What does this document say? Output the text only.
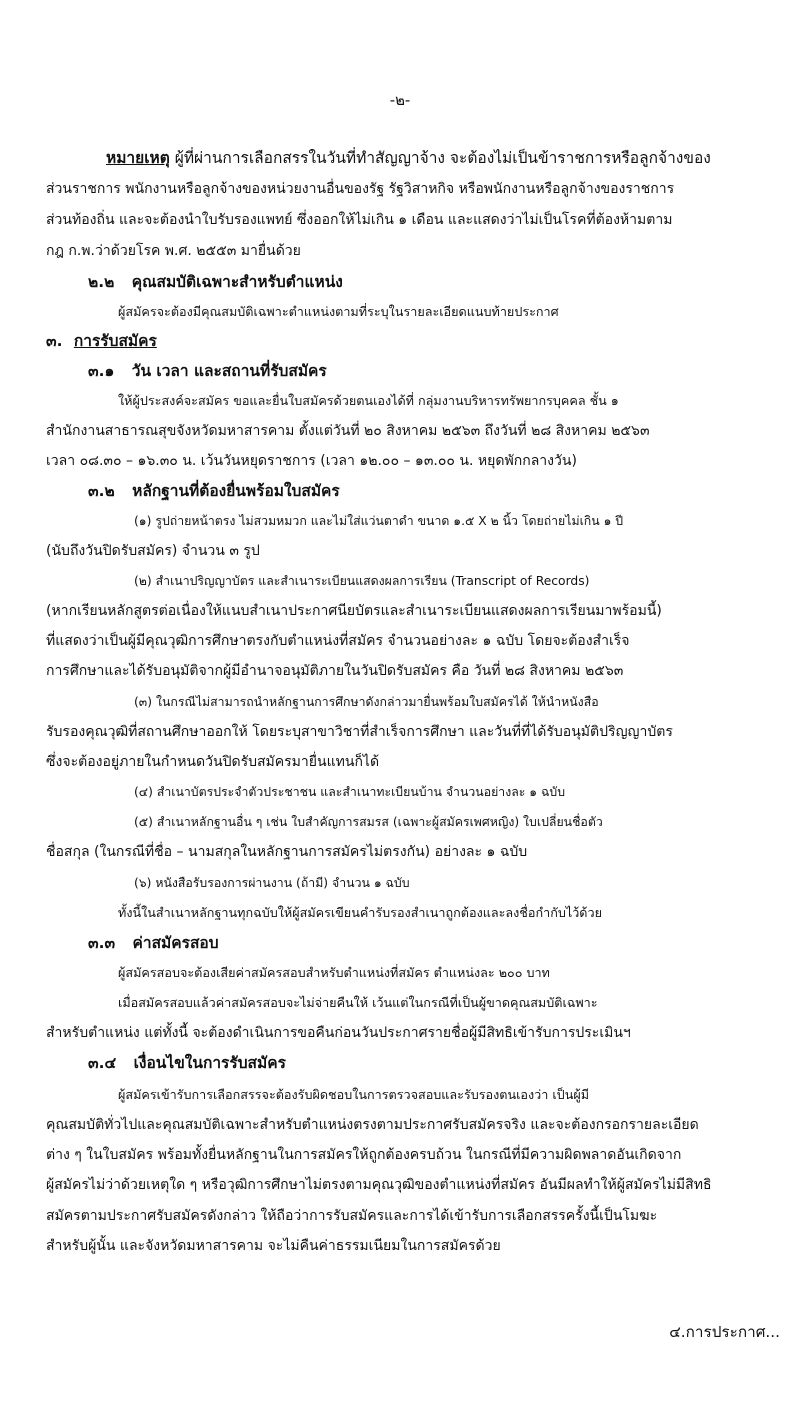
-๒-
หมายเหตุ ผู้ที่ผ่านการเลือกสรรในวันที่ทำสัญญาจ้าง จะต้องไม่เป็นข้าราชการหรือลูกจ้างของ
ส่วนราชการ พนักงานหรือลูกจ้างของหน่วยงานอื่นของรัฐ รัฐวิสาหกิจ หรือพนักงานหรือลูกจ้างของราชการ
ส่วนท้องถิ่น และจะต้องนำใบรับรองแพทย์ ซึ่งออกให้ไม่เกิน ๑ เดือน และแสดงว่าไม่เป็นโรคที่ต้องห้ามตาม
กฎ ก.พ.ว่าด้วยโรค พ.ศ. ๒๕๕๓ มายื่นด้วย
๒.๒ คุณสมบัติเฉพาะสำหรับตำแหน่ง
ผู้สมัครจะต้องมีคุณสมบัติเฉพาะตำแหน่งตามที่ระบุในรายละเอียดแนบท้ายประกาศ
๓. การรับสมัคร
๓.๑ วัน เวลา และสถานที่รับสมัคร
ให้ผู้ประสงค์จะสมัคร ขอและยื่นใบสมัครด้วยตนเองได้ที่ กลุ่มงานบริหารทรัพยากรบุคคล ชั้น ๑
สำนักงานสาธารณสุขจังหวัดมหาสารคาม ตั้งแต่วันที่ ๒๐ สิงหาคม ๒๕๖๓ ถึงวันที่ ๒๘ สิงหาคม ๒๕๖๓
เวลา ๐๘.๓๐ – ๑๖.๓๐ น. เว้นวันหยุดราชการ (เวลา ๑๒.๐๐ – ๑๓.๐๐ น. หยุดพักกลางวัน)
๓.๒ หลักฐานที่ต้องยื่นพร้อมใบสมัคร
(๑) รูปถ่ายหน้าตรง ไม่สวมหมวก และไม่ใส่แว่นตาดำ ขนาด ๑.๕ X ๒ นิ้ว โดยถ่ายไม่เกิน ๑ ปี
(นับถึงวันปิดรับสมัคร) จำนวน ๓ รูป
(๒) สำเนาปริญญาบัตร และสำเนาระเบียนแสดงผลการเรียน (Transcript of Records)
(หากเรียนหลักสูตรต่อเนื่องให้แนบสำเนาประกาศนียบัตรและสำเนาระเบียนแสดงผลการเรียนมาพร้อมนี้)
ที่แสดงว่าเป็นผู้มีคุณวุฒิการศึกษาตรงกับตำแหน่งที่สมัคร จำนวนอย่างละ ๑ ฉบับ โดยจะต้องสำเร็จ
การศึกษาและได้รับอนุมัติจากผู้มีอำนาจอนุมัติภายในวันปิดรับสมัคร คือ วันที่ ๒๘ สิงหาคม ๒๕๖๓
(๓) ในกรณีไม่สามารถนำหลักฐานการศึกษาดังกล่าวมายื่นพร้อมใบสมัครได้ ให้นำหนังสือ
รับรองคุณวุฒิที่สถานศึกษาออกให้ โดยระบุสาขาวิชาที่สำเร็จการศึกษา และวันที่ที่ได้รับอนุมัติปริญญาบัตร
ซึ่งจะต้องอยู่ภายในกำหนดวันปิดรับสมัครมายื่นแทนก็ได้
(๔) สำเนาบัตรประจำตัวประชาชน และสำเนาทะเบียนบ้าน จำนวนอย่างละ ๑ ฉบับ
(๕) สำเนาหลักฐานอื่น ๆ เช่น ใบสำคัญการสมรส (เฉพาะผู้สมัครเพศหญิง) ใบเปลี่ยนชื่อตัว
ชื่อสกุล (ในกรณีที่ชื่อ – นามสกุลในหลักฐานการสมัครไม่ตรงกัน) อย่างละ ๑ ฉบับ
(๖) หนังสือรับรองการผ่านงาน (ถ้ามี) จำนวน ๑ ฉบับ
ทั้งนี้ในสำเนาหลักฐานทุกฉบับให้ผู้สมัครเขียนคำรับรองสำเนาถูกต้องและลงชื่อกำกับไว้ด้วย
๓.๓ ค่าสมัครสอบ
ผู้สมัครสอบจะต้องเสียค่าสมัครสอบสำหรับตำแหน่งที่สมัคร ตำแหน่งละ ๒๐๐ บาท
เมื่อสมัครสอบแล้วค่าสมัครสอบจะไม่จ่ายคืนให้ เว้นแต่ในกรณีที่เป็นผู้ขาดคุณสมบัติเฉพาะ
สำหรับตำแหน่ง แต่ทั้งนี้ จะต้องดำเนินการขอคืนก่อนวันประกาศรายชื่อผู้มีสิทธิเข้ารับการประเมินฯ
๓.๔ เงื่อนไขในการรับสมัคร
ผู้สมัครเข้ารับการเลือกสรรจะต้องรับผิดชอบในการตรวจสอบและรับรองตนเองว่า เป็นผู้มี
คุณสมบัติทั่วไปและคุณสมบัติเฉพาะสำหรับตำแหน่งตรงตามประกาศรับสมัครจริง และจะต้องกรอกรายละเอียด
ต่าง ๆ ในใบสมัคร พร้อมทั้งยื่นหลักฐานในการสมัครให้ถูกต้องครบถ้วน ในกรณีที่มีความผิดพลาดอันเกิดจาก
ผู้สมัครไม่ว่าด้วยเหตุใด ๆ หรือวุฒิการศึกษาไม่ตรงตามคุณวุฒิของตำแหน่งที่สมัคร อันมีผลทำให้ผู้สมัครไม่มีสิทธิ
สมัครตามประกาศรับสมัครดังกล่าว ให้ถือว่าการรับสมัครและการได้เข้ารับการเลือกสรรครั้งนี้เป็นโมฆะ
สำหรับผู้นั้น และจังหวัดมหาสารคาม จะไม่คืนค่าธรรมเนียมในการสมัครด้วย
๔.การประกาศ...
